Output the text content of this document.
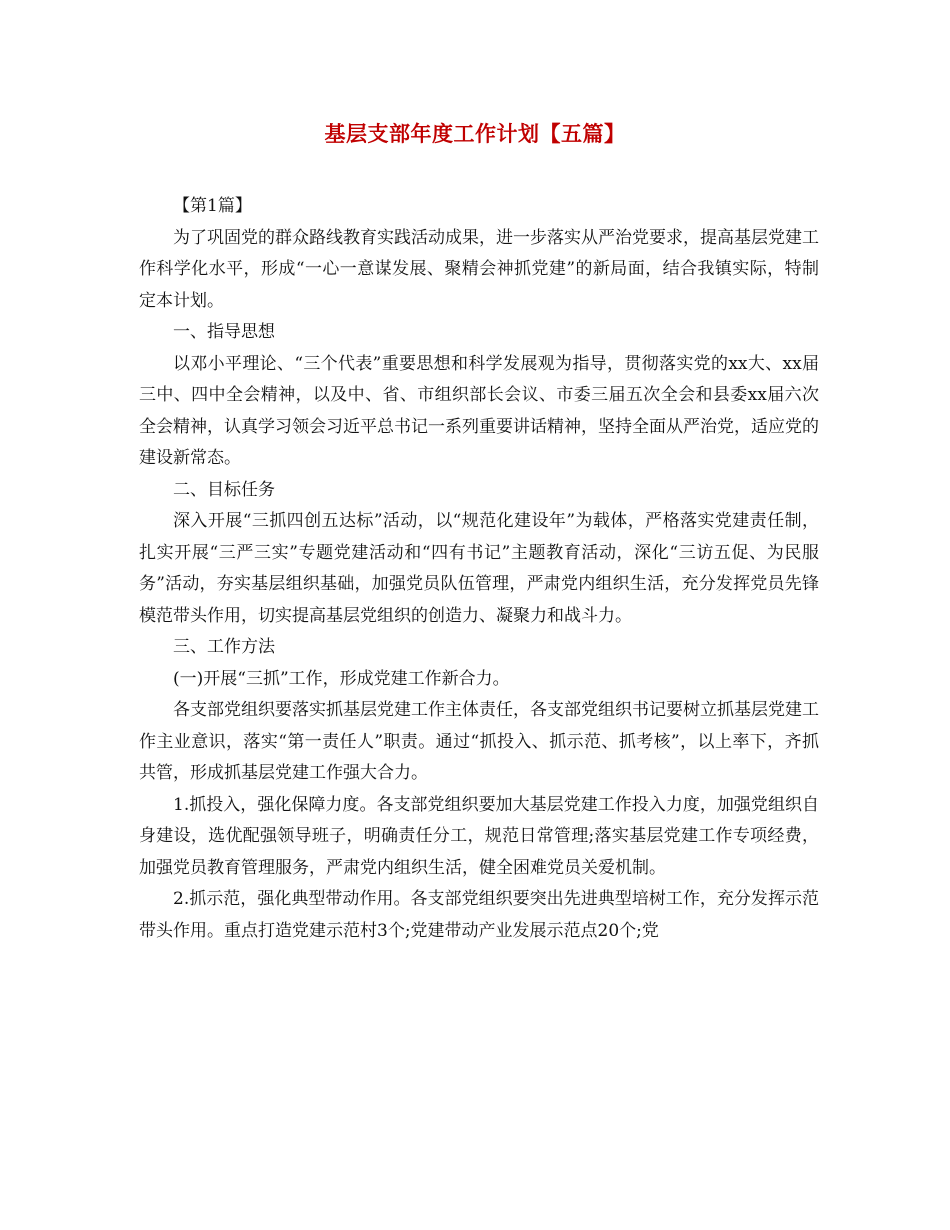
基层支部年度工作计划【五篇】

【第1篇】

为了巩固党的群众路线教育实践活动成果，进一步落实从严治党要求，提高基层党建工作科学化水平，形成“一心一意谋发展、聚精会神抓党建”的新局面，结合我镇实际，特制定本计划。

一、指导思想

以邓小平理论、“三个代表”重要思想和科学发展观为指导，贯彻落实党的xx大、xx届三中、四中全会精神，以及中、省、市组织部长会议、市委三届五次全会和县委xx届六次全会精神，认真学习领会习近平总书记一系列重要讲话精神，坚持全面从严治党，适应党的建设新常态。

二、目标任务

深入开展“三抓四创五达标”活动，以“规范化建设年”为载体，严格落实党建责任制，扎实开展“三严三实”专题党建活动和“四有书记”主题教育活动，深化“三访五促、为民服务”活动，夯实基层组织基础，加强党员队伍管理，严肃党内组织生活，充分发挥党员先锋模范带头作用，切实提高基层党组织的创造力、凝聚力和战斗力。

三、工作方法

(一)开展“三抓”工作，形成党建工作新合力。

各支部党组织要落实抓基层党建工作主体责任，各支部党组织书记要树立抓基层党建工作主业意识，落实“第一责任人”职责。通过“抓投入、抓示范、抓考核”，以上率下，齐抓共管，形成抓基层党建工作强大合力。

1.抓投入，强化保障力度。各支部党组织要加大基层党建工作投入力度，加强党组织自身建设，选优配强领导班子，明确责任分工，规范日常管理;落实基层党建工作专项经费，加强党员教育管理服务，严肃党内组织生活，健全困难党员关爱机制。

2.抓示范，强化典型带动作用。各支部党组织要突出先进典型培树工作，充分发挥示范带头作用。重点打造党建示范村3个;党建带动产业发展示范点20个;党
